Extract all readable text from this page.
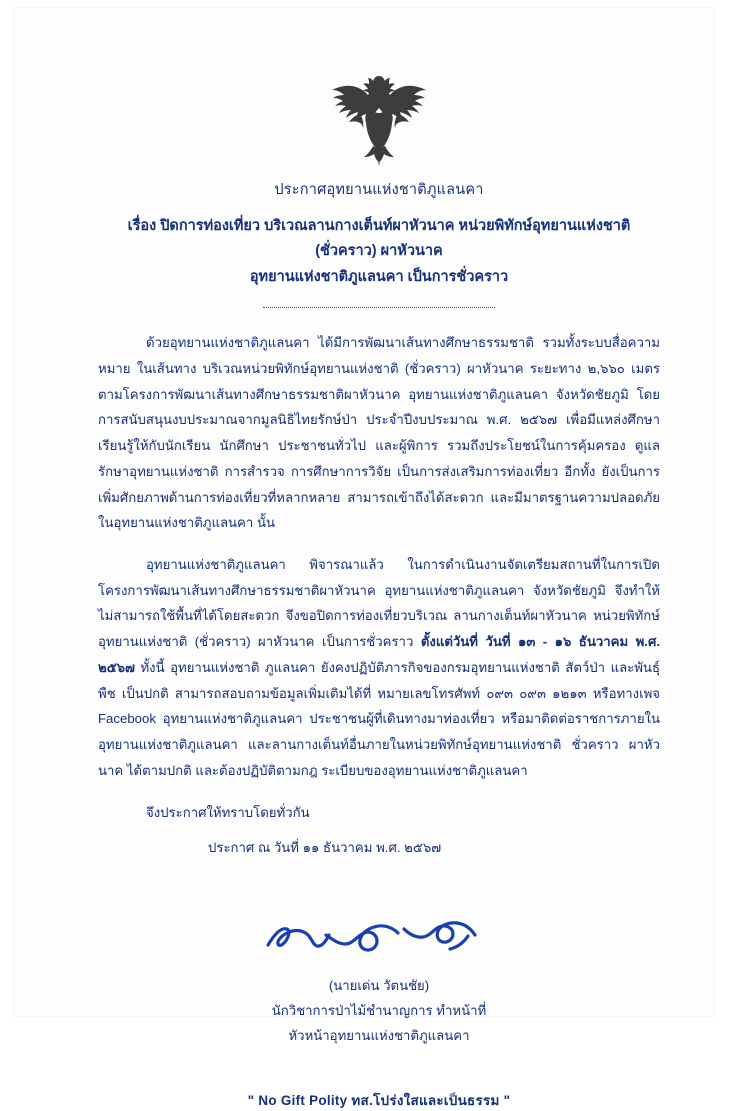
ประกาศอุทยานแห่งชาติภูแลนคา
เรื่อง ปิดการท่องเที่ยว บริเวณลานกางเต็นท์ผาหัวนาค หน่วยพิทักษ์อุทยานแห่งชาติ (ชั่วคราว) ผาหัวนาค
อุทยานแห่งชาติภูแลนคา เป็นการชั่วคราว

ด้วยอุทยานแห่งชาติภูแลนคา ได้มีการพัฒนาเส้นทางศึกษาธรรมชาติ รวมทั้งระบบสื่อความหมาย ในเส้นทาง บริเวณหน่วยพิทักษ์อุทยานแห่งชาติ (ชั่วคราว) ผาหัวนาค ระยะทาง ๒,๖๖๐ เมตร ตามโครงการพัฒนาเส้นทางศึกษาธรรมชาติผาหัวนาค อุทยานแห่งชาติภูแลนคา จังหวัดชัยภูมิ โดยการสนับสนุนงบประมาณจากมูลนิธิไทยรักษ์ป่า ประจำปีงบประมาณ พ.ศ. ๒๕๖๗ เพื่อมีแหล่งศึกษาเรียนรู้ให้กับนักเรียน นักศึกษา ประชาชนทั่วไป และผู้พิการ รวมถึงประโยชน์ในการคุ้มครอง ดูแลรักษาอุทยานแห่งชาติ การสำรวจ การศึกษาการวิจัย เป็นการส่งเสริมการท่องเที่ยว อีกทั้ง ยังเป็นการเพิ่มศักยภาพด้านการท่องเที่ยวที่หลากหลาย สามารถเข้าถึงได้สะดวก และมีมาตรฐานความปลอดภัย ในอุทยานแห่งชาติภูแลนคา นั้น

อุทยานแห่งชาติภูแลนคา พิจารณาแล้ว ในการดำเนินงานจัดเตรียมสถานที่ในการเปิดโครงการพัฒนาเส้นทางศึกษาธรรมชาติผาหัวนาค อุทยานแห่งชาติภูแลนคา จังหวัดชัยภูมิ จึงทำให้ไม่สามารถใช้พื้นที่ได้โดยสะดวก จึงขอปิดการท่องเที่ยวบริเวณ ลานกางเต็นท์ผาหัวนาค หน่วยพิทักษ์อุทยานแห่งชาติ (ชั่วคราว) ผาหัวนาค เป็นการชั่วคราว ตั้งแต่วันที่ วันที่ ๑๓ - ๑๖ ธันวาคม พ.ศ. ๒๕๖๗ ทั้งนี้ อุทยานแห่งชาติ ภูแลนคา ยังคงปฏิบัติภารกิจของกรมอุทยานแห่งชาติ สัตว์ป่า และพันธุ์พืช เป็นปกติ สามารถสอบถามข้อมูลเพิ่มเติมได้ที่ หมายเลขโทรศัพท์ ๐๙๓ ๐๙๓ ๑๒๑๓ หรือทางเพจ Facebook อุทยานแห่งชาติภูแลนคา ประชาชนผู้ที่เดินทางมาท่องเที่ยว หรือมาติดต่อราชการภายในอุทยานแห่งชาติภูแลนคา และลานกางเต็นท์อื่นภายในหน่วยพิทักษ์อุทยานแห่งชาติ ชั่วคราว ผาหัวนาค ได้ตามปกติ และต้องปฏิบัติตามกฎ ระเบียบของอุทยานแห่งชาติภูแลนคา

จึงประกาศให้ทราบโดยทั่วกัน

ประกาศ ณ วันที่ ๑๑ ธันวาคม พ.ศ. ๒๕๖๗

(นายเด่น วัตนชัย)
นักวิชาการป่าไม้ชำนาญการ ทำหน้าที่
หัวหน้าอุทยานแห่งชาติภูแลนคา
" No Gift Polity ทส.โปร่งใสและเป็นธรรม "
